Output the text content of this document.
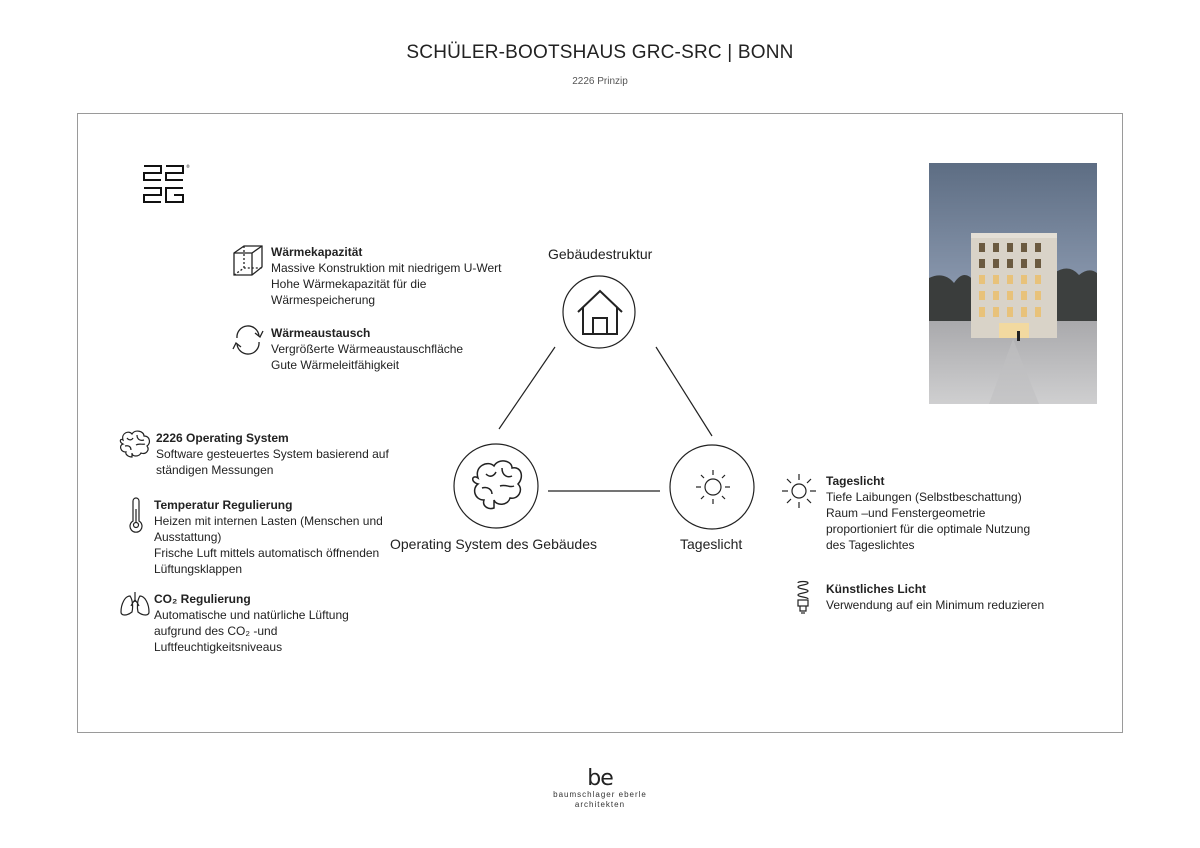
SCHÜLER-BOOTSHAUS GRC-SRC | BONN
2226 Prinzip
®
Gebäudestruktur
Operating System des Gebäudes	Tageslicht
Wärmekapazität
Massive Konstruktion mit niedrigem U-Wert
Hohe Wärmekapazität für die
Wärmespeicherung
Wärmeaustausch
Vergrößerte Wärmeaustauschfläche
Gute Wärmeleitfähigkeit
2226 Operating System
Software gesteuertes System basierend auf
ständigen Messungen
Temperatur Regulierung
Heizen mit internen Lasten (Menschen und
Ausstattung)
Frische Luft mittels automatisch öffnenden
Lüftungsklappen
CO₂ Regulierung
Automatische und natürliche Lüftung
aufgrund des CO₂ -und
Luftfeuchtigkeitsniveaus
Tageslicht
Tiefe Laibungen (Selbstbeschattung)
Raum –und Fenstergeometrie
proportioniert für die optimale Nutzung
des Tageslichtes
Künstliches Licht
Verwendung auf ein Minimum reduzieren
be
baumschlager eberle
architekten
